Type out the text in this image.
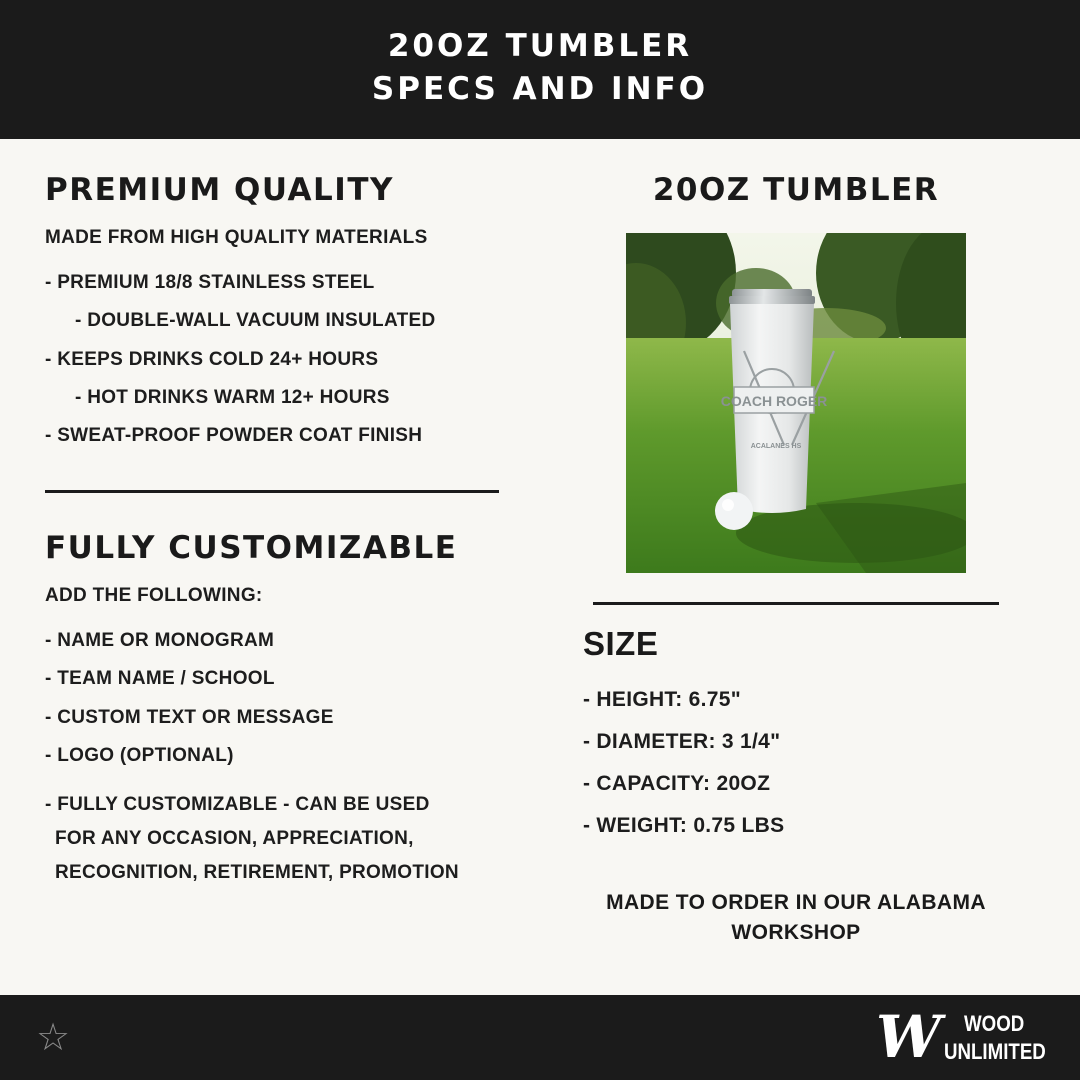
20OZ TUMBLER
SPECS AND INFO
PREMIUM QUALITY
MADE FROM HIGH QUALITY MATERIALS
- PREMIUM 18/8 STAINLESS STEEL
- DOUBLE-WALL VACUUM INSULATED
- KEEPS DRINKS COLD 24+ HOURS
- HOT DRINKS WARM 12+ HOURS
- SWEAT-PROOF POWDER COAT FINISH
FULLY CUSTOMIZABLE
ADD THE FOLLOWING:
- NAME OR MONOGRAM
- TEAM NAME / SCHOOL
- CUSTOM TEXT OR MESSAGE
- LOGO (OPTIONAL)
- FULLY CUSTOMIZABLE - CAN BE USED
FOR ANY OCCASION, APPRECIATION,
RECOGNITION, RETIREMENT, PROMOTION
20OZ TUMBLER
COACH ROGER
ACALANES HS
SIZE
- HEIGHT: 6.75"
- DIAMETER: 3 1/4"
- CAPACITY: 20OZ
- WEIGHT: 0.75 LBS
MADE TO ORDER IN OUR ALABAMA
WORKSHOP
☆	W WOOD
UNLIMITED
